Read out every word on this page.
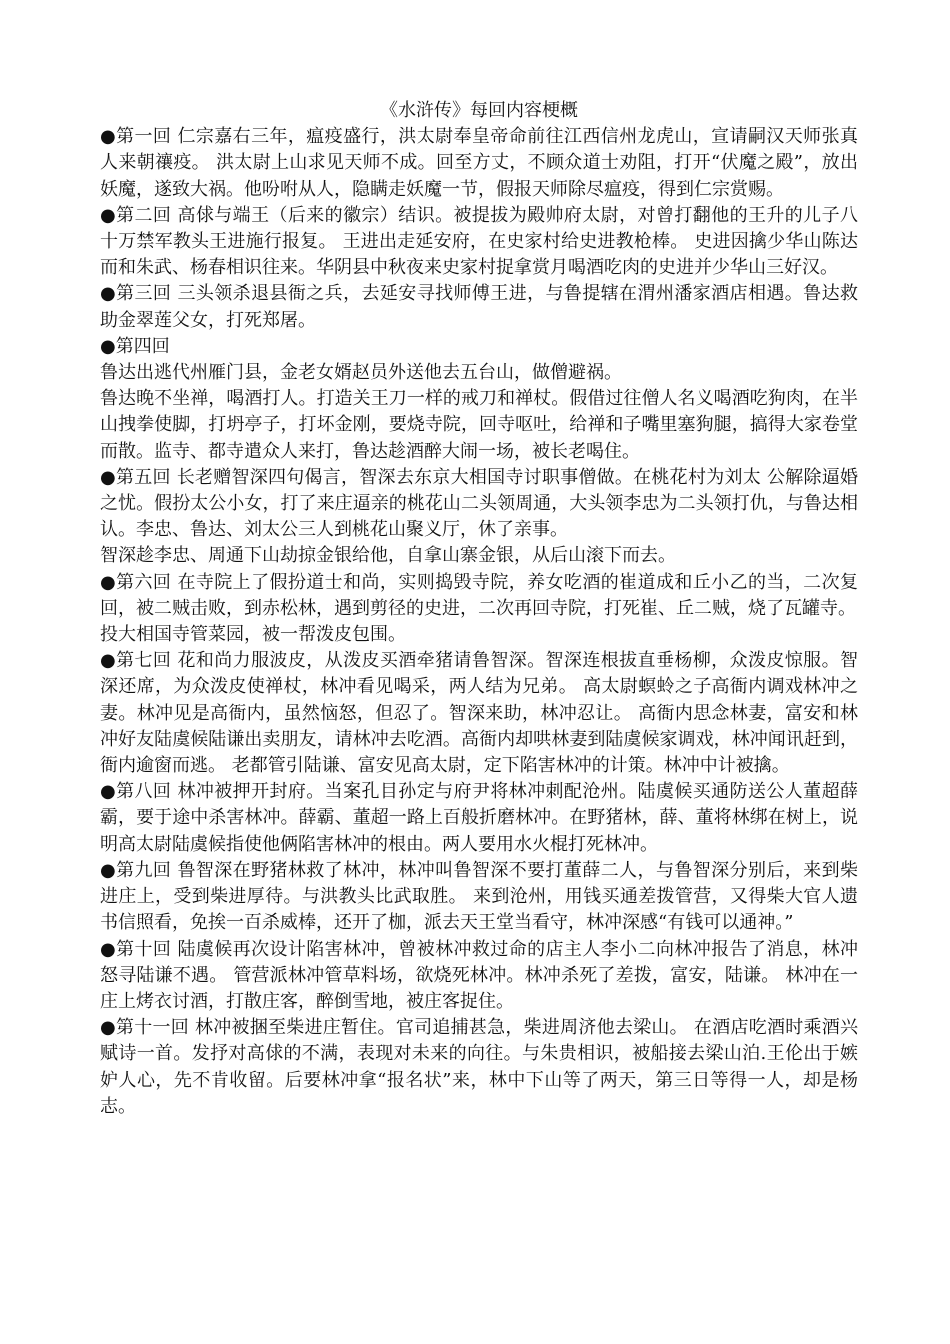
《水浒传》每回内容梗概

●第一回 仁宗嘉右三年，瘟疫盛行，洪太尉奉皇帝命前往江西信州龙虎山，宣请嗣汉天师张真人来朝禳疫。 洪太尉上山求见天师不成。回至方丈，不顾众道士劝阻，打开“伏魔之殿”，放出妖魔，遂致大祸。他吩咐从人，隐瞒走妖魔一节，假报天师除尽瘟疫，得到仁宗赏赐。

●第二回 高俅与端王（后来的徽宗）结识。被提拔为殿帅府太尉，对曾打翻他的王升的儿子八十万禁军教头王进施行报复。 王进出走延安府，在史家村给史进教枪棒。 史进因擒少华山陈达而和朱武、杨春相识往来。华阴县中秋夜来史家村捉拿赏月喝酒吃肉的史进并少华山三好汉。

●第三回 三头领杀退县衙之兵，去延安寻找师傅王进，与鲁提辖在渭州潘家酒店相遇。鲁达救助金翠莲父女，打死郑屠。

●第四回

鲁达出逃代州雁门县，金老女婿赵员外送他去五台山，做僧避祸。

鲁达晚不坐禅，喝酒打人。打造关王刀一样的戒刀和禅杖。假借过往僧人名义喝酒吃狗肉，在半山拽拳使脚，打坍亭子，打坏金刚，要烧寺院，回寺呕吐，给禅和子嘴里塞狗腿，搞得大家卷堂而散。监寺、都寺遣众人来打，鲁达趁酒醉大闹一场，被长老喝住。

●第五回 长老赠智深四句偈言，智深去东京大相国寺讨职事僧做。在桃花村为刘太 公解除逼婚之忧。假扮太公小女，打了来庄逼亲的桃花山二头领周通，大头领李忠为二头领打仇，与鲁达相认。李忠、鲁达、刘太公三人到桃花山聚义厅，休了亲事。

智深趁李忠、周通下山劫掠金银给他，自拿山寨金银，从后山滚下而去。

●第六回 在寺院上了假扮道士和尚，实则捣毁寺院，养女吃酒的崔道成和丘小乙的当，二次复回，被二贼击败，到赤松林，遇到剪径的史进，二次再回寺院，打死崔、丘二贼，烧了瓦罐寺。

投大相国寺管菜园，被一帮泼皮包围。

●第七回 花和尚力服波皮，从泼皮买酒牵猪请鲁智深。智深连根拔直垂杨柳，众泼皮惊服。智深还席，为众泼皮使禅杖，林冲看见喝采，两人结为兄弟。 高太尉螟蛉之子高衙内调戏林冲之妻。林冲见是高衙内，虽然恼怒，但忍了。智深来助，林冲忍让。 高衙内思念林妻，富安和林冲好友陆虞候陆谦出卖朋友，请林冲去吃酒。高衙内却哄林妻到陆虞候家调戏，林冲闻讯赶到，衙内逾窗而逃。 老都管引陆谦、富安见高太尉，定下陷害林冲的计策。林冲中计被擒。

●第八回 林冲被押开封府。当案孔目孙定与府尹将林冲刺配沧州。陆虞候买通防送公人董超薛霸，要于途中杀害林冲。薛霸、董超一路上百般折磨林冲。在野猪林，薛、董将林绑在树上，说明高太尉陆虞候指使他俩陷害林冲的根由。两人要用水火棍打死林冲。

●第九回 鲁智深在野猪林救了林冲，林冲叫鲁智深不要打董薛二人，与鲁智深分别后，来到柴进庄上，受到柴进厚待。与洪教头比武取胜。 来到沧州，用钱买通差拨管营，又得柴大官人遗书信照看，免挨一百杀威棒，还开了枷，派去天王堂当看守，林冲深感“有钱可以通神。”

●第十回 陆虞候再次设计陷害林冲，曾被林冲救过命的店主人李小二向林冲报告了消息，林冲怒寻陆谦不遇。 管营派林冲管草料场，欲烧死林冲。林冲杀死了差拨，富安，陆谦。 林冲在一庄上烤衣讨酒，打散庄客，醉倒雪地，被庄客捉住。

●第十一回 林冲被捆至柴进庄暂住。官司追捕甚急，柴进周济他去梁山。 在酒店吃酒时乘酒兴赋诗一首。发抒对高俅的不满，表现对未来的向往。与朱贵相识，被船接去梁山泊.王伦出于嫉妒人心，先不肯收留。后要林冲拿“报名状”来，林中下山等了两天，第三日等得一人，却是杨志。
